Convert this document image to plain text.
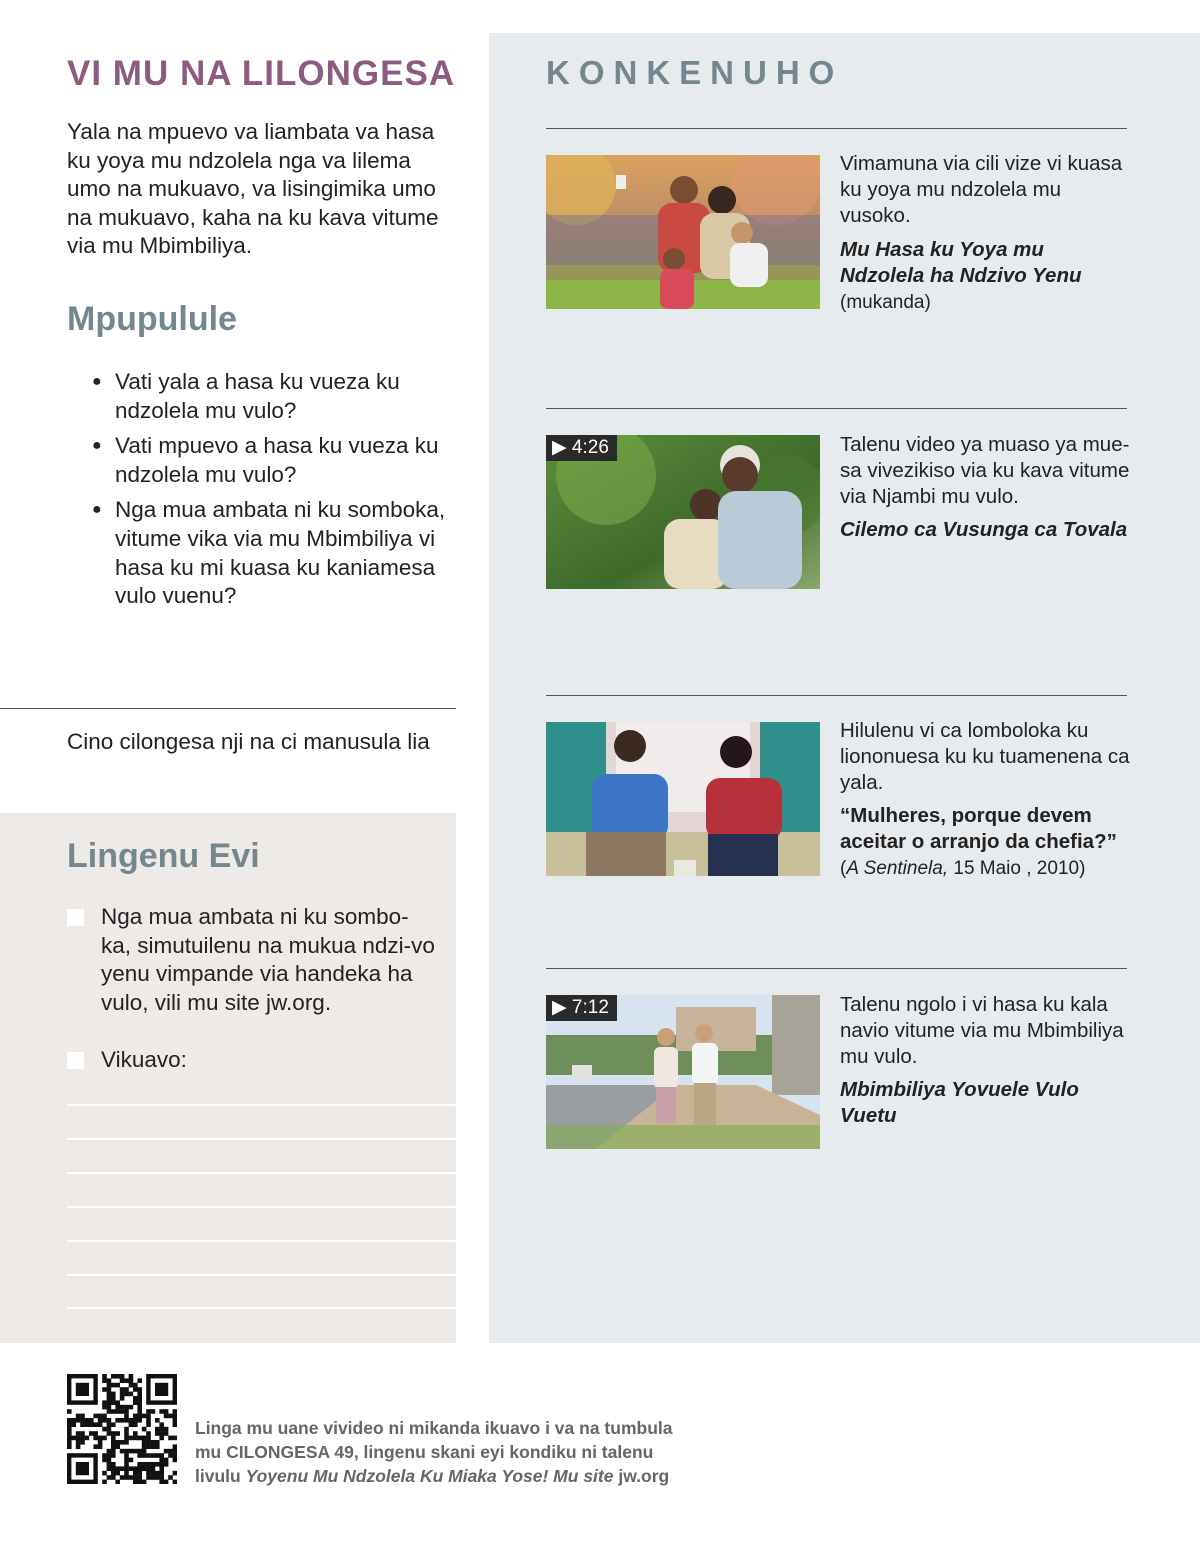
VI MU NA LILONGESA

Yala na mpuevo va liambata va hasa ku yoya mu ndzolela nga va lilema umo na mukuavo, va lisingimika umo na mukuavo, kaha na ku kava vitume via mu Mbimbiliya.

Mpupulule
● Vati yala a hasa ku vueza ku ndzolela mu vulo?
● Vati mpuevo a hasa ku vueza ku ndzolela mu vulo?
● Nga mua ambata ni ku somboka, vitume vika via mu Mbimbiliya vi hasa ku mi kuasa ku kaniamesa vulo vuenu?

Cino cilongesa nji na ci manusula lia

Lingenu Evi
Nga mua ambata ni ku sombo-ka, simutuilenu na mukua ndzi-vo yenu vimpande via handeka ha vulo, vili mu site jw.org.
Vikuavo:
KONKENUHO

Vimamuna via cili vize vi kuasa ku yoya mu ndzolela mu vusoko.

Mu Hasa ku Yoya mu Ndzolela ha Ndzivo Yenu (mukanda)

▶ 4:26	Talenu video ya muaso ya mue-sa vivezikiso via ku kava vitume via Njambi mu vulo.

Cilemo ca Vusunga ca Tovala

Hilulenu vi ca lomboloka ku liononuesa ku ku tuamenena ca yala.

“Mulheres, porque devem aceitar o arranjo da chefia?”
(A Sentinela, 15 Maio , 2010)

▶ 7:12	Talenu ngolo i vi hasa ku kala navio vitume via mu Mbimbiliya mu vulo.

Mbimbiliya Yovuele Vulo Vuetu

Linga mu uane vivideo ni mikanda ikuavo i va na tumbula
mu CILONGESA 49, lingenu skani eyi kondiku ni talenu
livulu Yoyenu Mu Ndzolela Ku Miaka Yose! Mu site jw.org
